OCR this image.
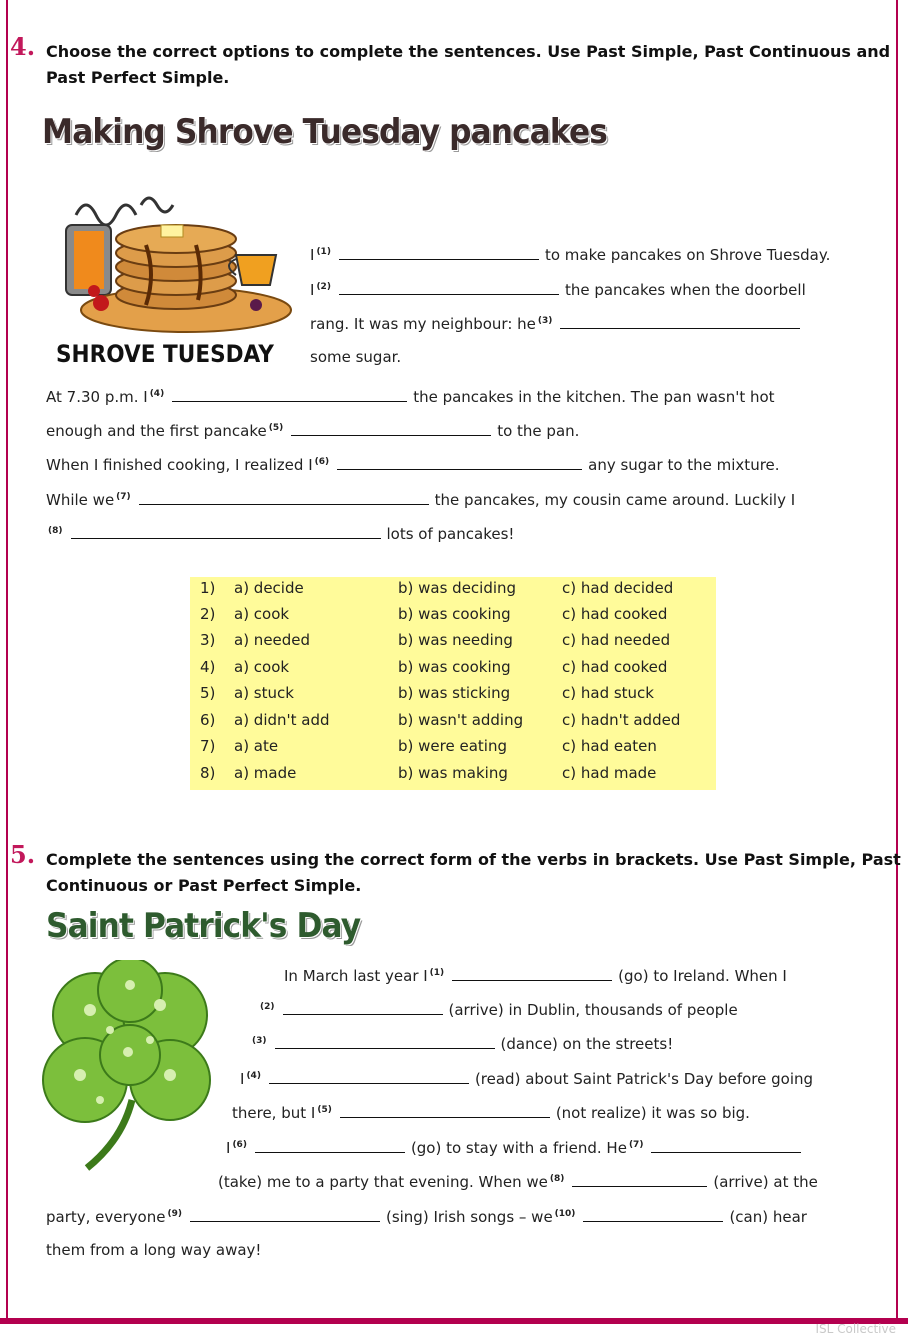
4. Choose the correct options to complete the sentences. Use Past Simple, Past Continuous and
Past Perfect Simple.
Making Shrove Tuesday pancakes
SHROVE TUESDAY
I $^{(1)}$	to make pancakes on Shrove Tuesday.
I $^{(2)}$	the pancakes when the doorbell
rang. It was my neighbour: he $^{(3)}$
some sugar.
At 7.30 p.m. I $^{(4)}$	the pancakes in the kitchen. The pan wasn't hot
enough and the first pancake $^{(5)}$	to the pan.
When I finished cooking, I realized I $^{(6)}$	any sugar to the mixture.
While we $^{(7)}$	the pancakes, my cousin came around. Luckily I
$^{(8)}$	lots of pancakes!
1) a) decide	b) was deciding	c) had decided
2) a) cook	b) was cooking	c) had cooked
3) a) needed	b) was needing	c) had needed
4) a) cook	b) was cooking	c) had cooked
5) a) stuck	b) was sticking	c) had stuck
6) a) didn't add	b) wasn't adding	c) hadn't added
7) a) ate	b) were eating	c) had eaten
8) a) made	b) was making	c) had made
5. Complete the sentences using the correct form of the verbs in brackets. Use Past Simple, Past
Continuous or Past Perfect Simple.
Saint Patrick's Day
In March last year I $^{(1)}$	(go) to Ireland. When I
$^{(2)}$	(arrive) in Dublin, thousands of people
$^{(3)}$	(dance) on the streets!
I $^{(4)}$	(read) about Saint Patrick's Day before going
there, but I $^{(5)}$	(not realize) it was so big.
I $^{(6)}$	(go) to stay with a friend. He $^{(7)}$
(take) me to a party that evening. When we $^{(8)}$	(arrive) at the
party, everyone $^{(9)}$	(sing) Irish songs – we $^{(10)}$	(can) hear
them from a long way away!
ISL Collective
